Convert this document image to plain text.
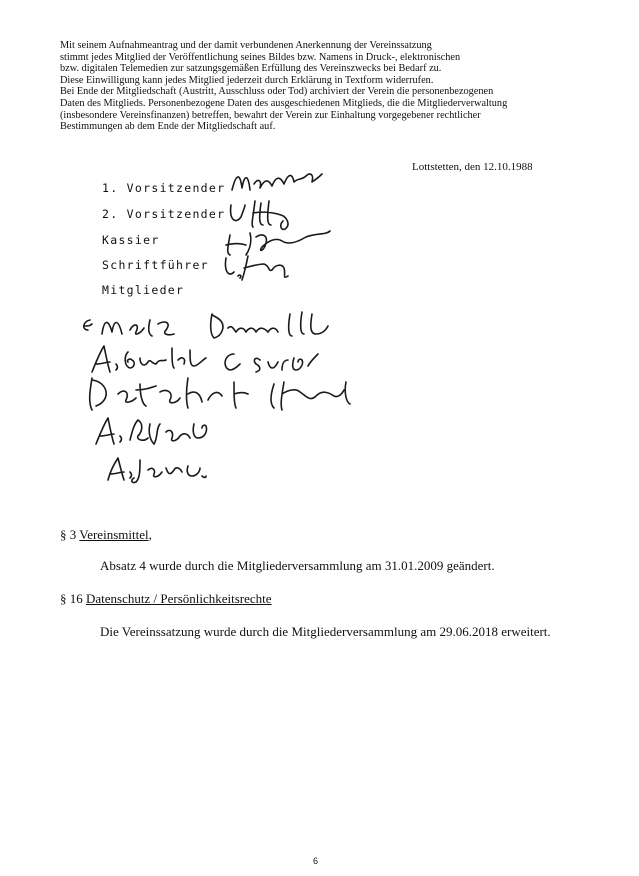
Mit seinem Aufnahmeantrag und der damit verbundenen Anerkennung der Vereinssatzung
stimmt jedes Mitglied der Veröffentlichung seines Bildes bzw. Namens in Druck-, elektronischen
bzw. digitalen Telemedien zur satzungsgemäßen Erfüllung des Vereinszwecks bei Bedarf zu.
Diese Einwilligung kann jedes Mitglied jederzeit durch Erklärung in Textform widerrufen.
Bei Ende der Mitgliedschaft (Austritt, Ausschluss oder Tod) archiviert der Verein die personenbezogenen
Daten des Mitglieds. Personenbezogene Daten des ausgeschiedenen Mitglieds, die die Mitgliederverwaltung
(insbesondere Vereinsfinanzen) betreffen, bewahrt der Verein zur Einhaltung vorgegebener rechtlicher
Bestimmungen ab dem Ende der Mitgliedschaft auf.
Lottstetten, den 12.10.1988
1. Vorsitzender
2. Vorsitzender
Kassier
Schriftführer
Mitglieder
§ 3 Vereinsmittel,
Absatz 4 wurde durch die Mitgliederversammlung am 31.01.2009 geändert.
§ 16 Datenschutz / Persönlichkeitsrechte
Die Vereinssatzung wurde durch die Mitgliederversammlung am 29.06.2018 erweitert.
6
